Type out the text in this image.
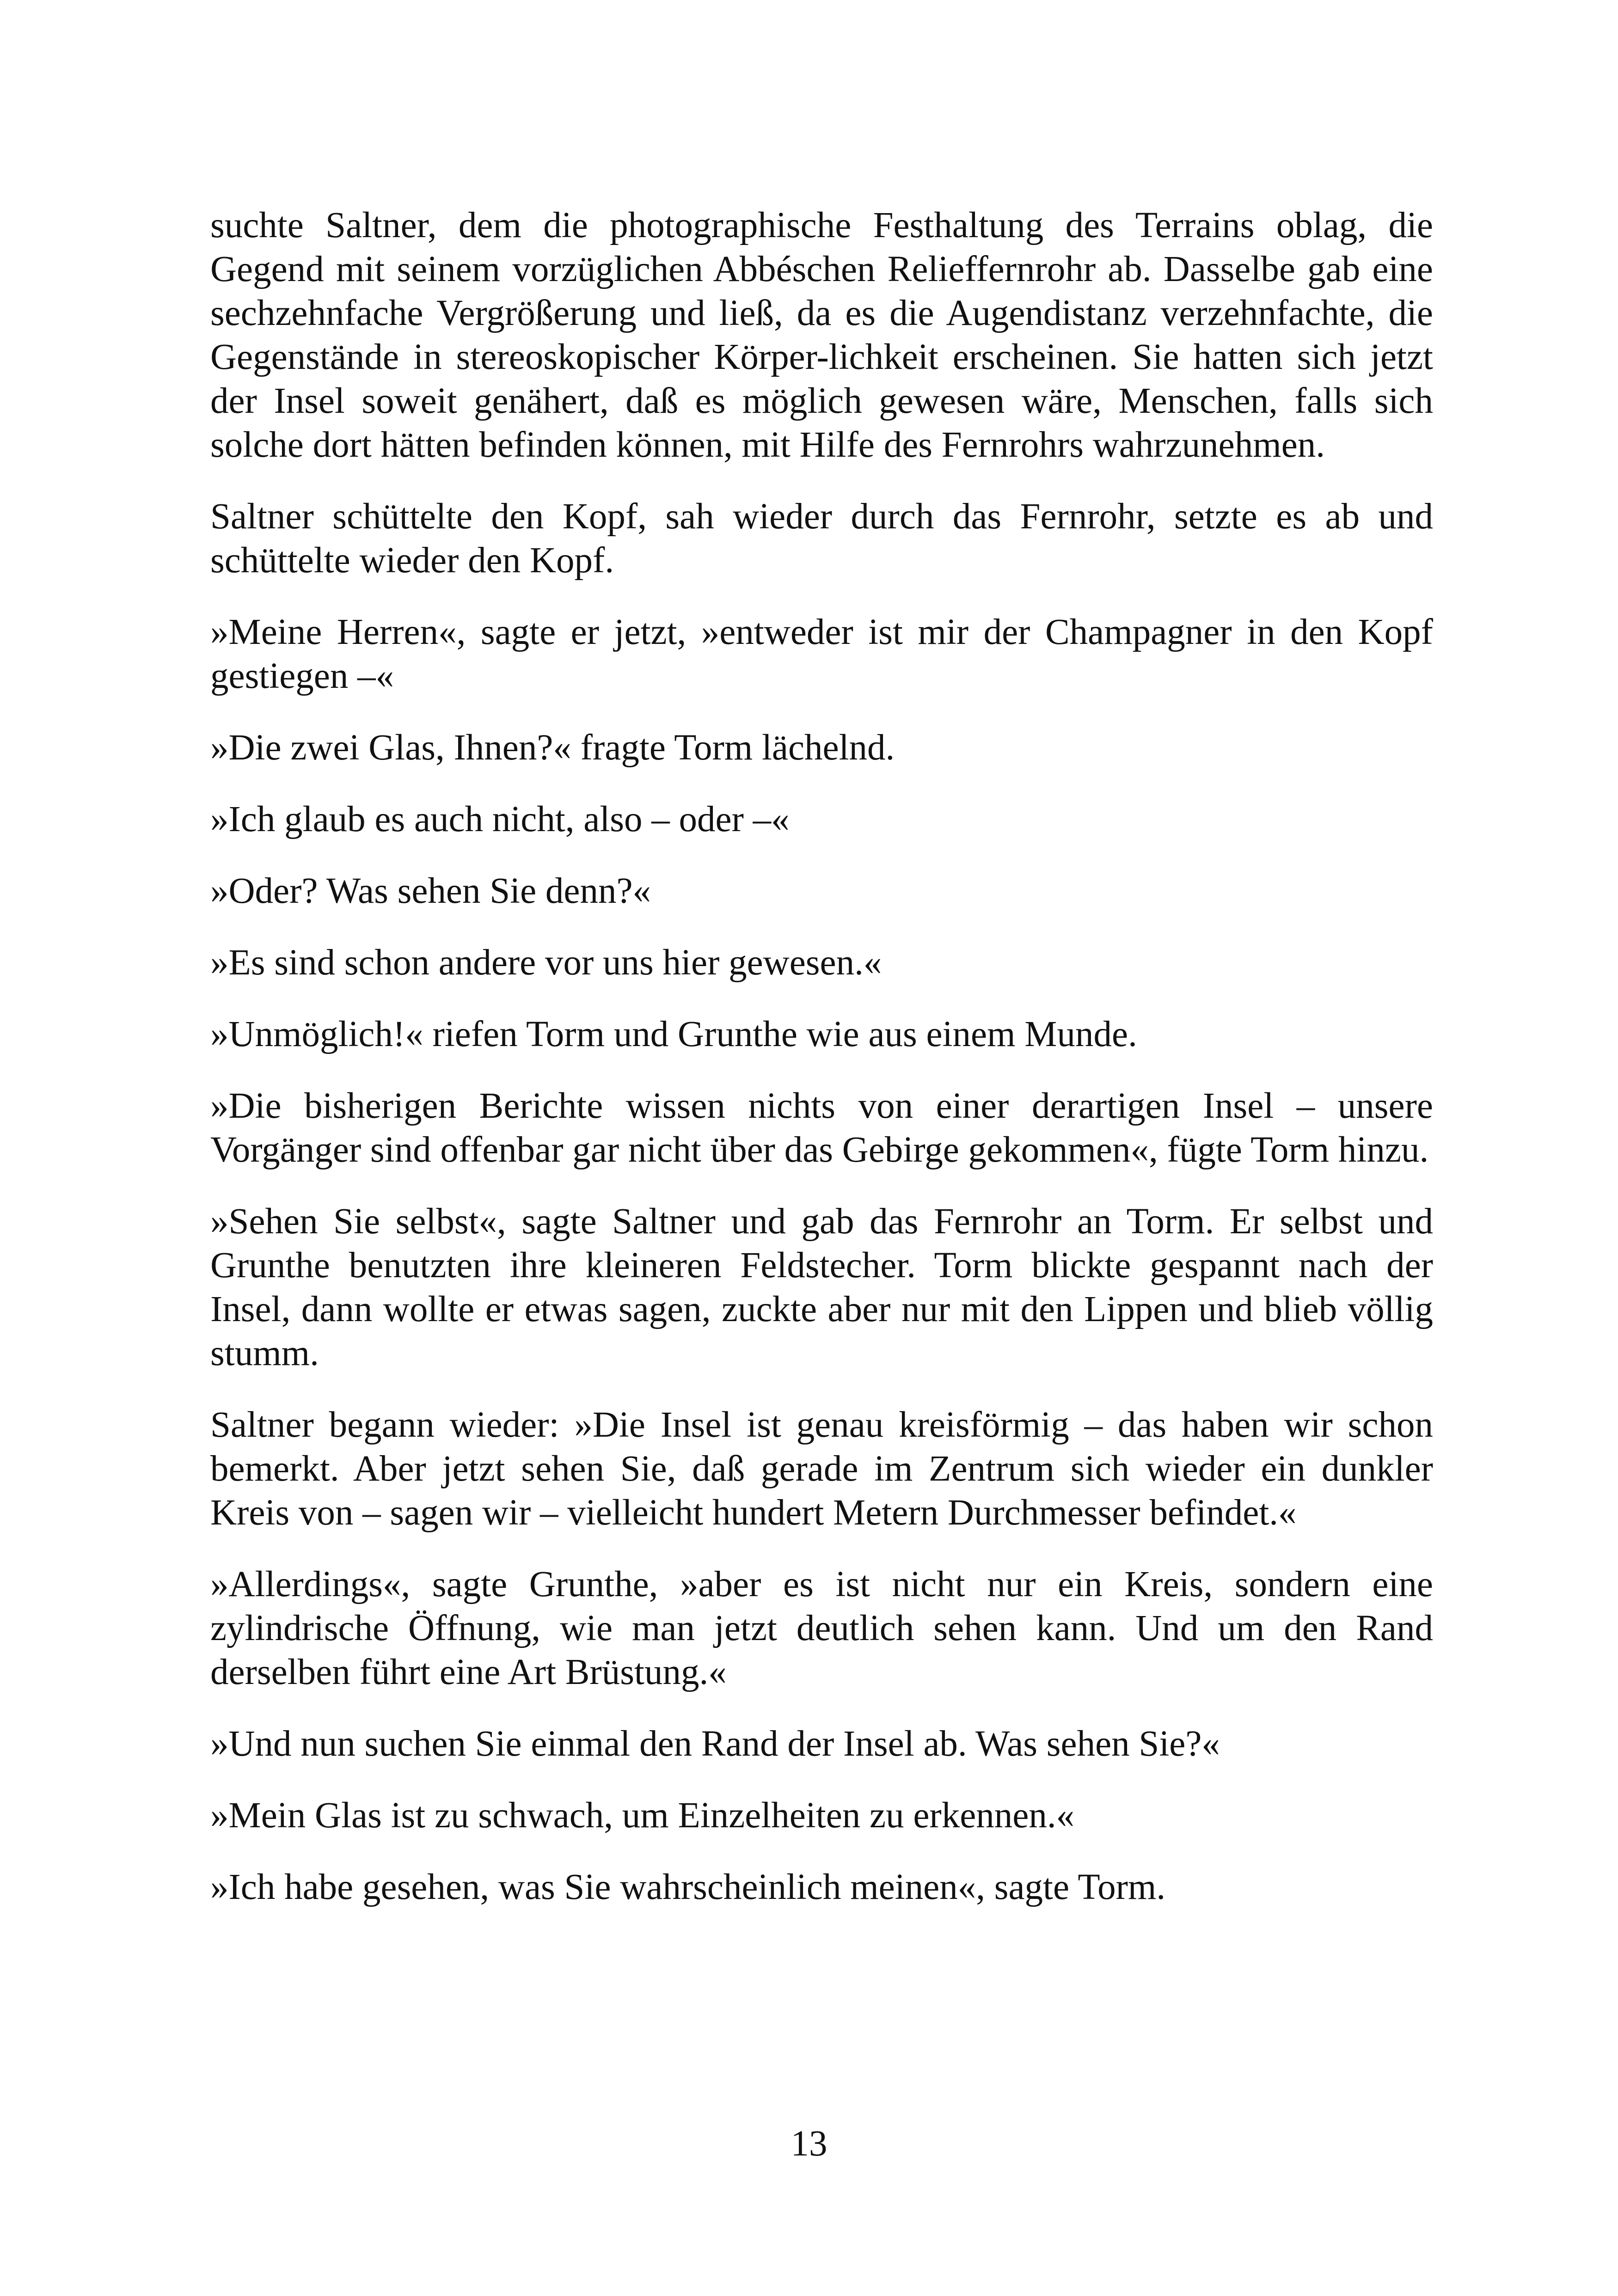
suchte Saltner, dem die photographische Festhaltung des Terrains oblag, die Gegend mit seinem vorzüglichen Abbéschen Relieffernrohr ab. Dasselbe gab eine sechzehnfache Vergrößerung und ließ, da es die Augendistanz verzehnfachte, die Gegenstände in stereoskopischer Körper-lichkeit erscheinen. Sie hatten sich jetzt der Insel soweit genähert, daß es möglich gewesen wäre, Menschen, falls sich solche dort hätten befinden können, mit Hilfe des Fernrohrs wahrzunehmen.

Saltner schüttelte den Kopf, sah wieder durch das Fernrohr, setzte es ab und schüttelte wieder den Kopf.

»Meine Herren«, sagte er jetzt, »entweder ist mir der Champagner in den Kopf gestiegen –«

»Die zwei Glas, Ihnen?« fragte Torm lächelnd.

»Ich glaub es auch nicht, also – oder –«

»Oder? Was sehen Sie denn?«

»Es sind schon andere vor uns hier gewesen.«

»Unmöglich!« riefen Torm und Grunthe wie aus einem Munde.

»Die bisherigen Berichte wissen nichts von einer derartigen Insel – unsere Vorgänger sind offenbar gar nicht über das Gebirge gekommen«, fügte Torm hinzu.

»Sehen Sie selbst«, sagte Saltner und gab das Fernrohr an Torm. Er selbst und Grunthe benutzten ihre kleineren Feldstecher. Torm blickte gespannt nach der Insel, dann wollte er etwas sagen, zuckte aber nur mit den Lippen und blieb völlig stumm.

Saltner begann wieder: »Die Insel ist genau kreisförmig – das haben wir schon bemerkt. Aber jetzt sehen Sie, daß gerade im Zentrum sich wieder ein dunkler Kreis von – sagen wir – vielleicht hundert Metern Durchmesser befindet.«

»Allerdings«, sagte Grunthe, »aber es ist nicht nur ein Kreis, sondern eine zylindrische Öffnung, wie man jetzt deutlich sehen kann. Und um den Rand derselben führt eine Art Brüstung.«

»Und nun suchen Sie einmal den Rand der Insel ab. Was sehen Sie?«

»Mein Glas ist zu schwach, um Einzelheiten zu erkennen.«

»Ich habe gesehen, was Sie wahrscheinlich meinen«, sagte Torm.

13
